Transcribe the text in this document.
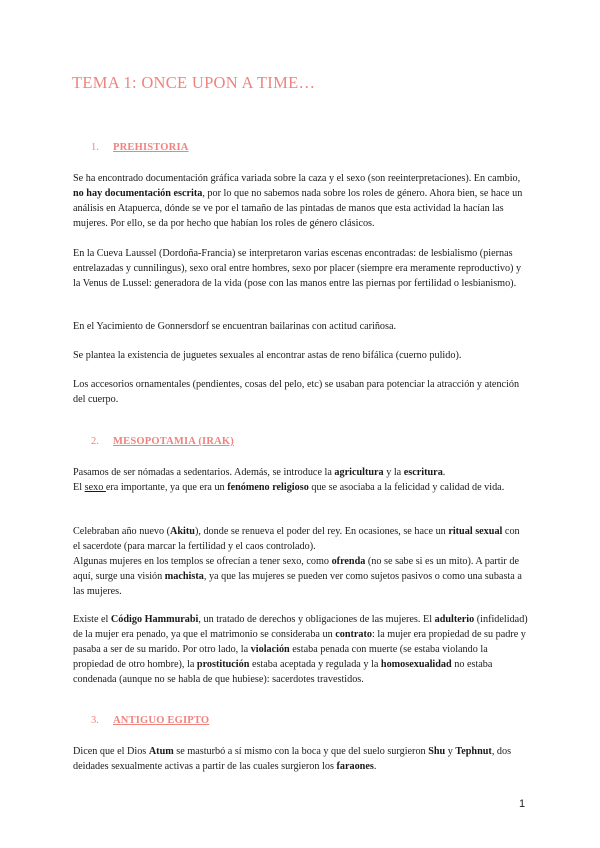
TEMA 1: ONCE UPON A TIME…
1. PREHISTORIA

Se ha encontrado documentación gráfica variada sobre la caza y el sexo (son reeinterpretaciones). En cambio, no hay documentación escrita, por lo que no sabemos nada sobre los roles de género. Ahora bien, se hace un análisis en Atapuerca, dónde se ve por el tamaño de las pintadas de manos que esta actividad la hacían las mujeres. Por ello, se da por hecho que habían los roles de género clásicos.

En la Cueva Laussel (Dordoña-Francia) se interpretaron varias escenas encontradas: de lesbialismo (piernas entrelazadas y cunnilingus), sexo oral entre hombres, sexo por placer (siempre era meramente reproductivo) y la Venus de Lussel: generadora de la vida (pose con las manos entre las piernas por fertilidad o lesbianismo).

En el Yacimiento de Gonnersdorf se encuentran bailarinas con actitud cariñosa.

Se plantea la existencia de juguetes sexuales al encontrar astas de reno bifálica (cuerno pulido).

Los accesorios ornamentales (pendientes, cosas del pelo, etc) se usaban para potenciar la atracción y atención del cuerpo.

2. MESOPOTAMIA (IRAK)

Pasamos de ser nómadas a sedentarios. Además, se introduce la agricultura y la escritura.
El sexo era importante, ya que era un fenómeno religioso que se asociaba a la felicidad y calidad de vida.

Celebraban año nuevo (Akitu), donde se renueva el poder del rey. En ocasiones, se hace un ritual sexual con el sacerdote (para marcar la fertilidad y el caos controlado).
Algunas mujeres en los templos se ofrecían a tener sexo, como ofrenda (no se sabe si es un mito). A partir de aquí, surge una visión machista, ya que las mujeres se pueden ver como sujetos pasivos o como una subasta a las mujeres.

Existe el Código Hammurabi, un tratado de derechos y obligaciones de las mujeres. El adulterio (infidelidad) de la mujer era penado, ya que el matrimonio se consideraba un contrato: la mujer era propiedad de su padre y pasaba a ser de su marido. Por otro lado, la violación estaba penada con muerte (se estaba violando la propiedad de otro hombre), la prostitución estaba aceptada y regulada y la homosexualidad no estaba condenada (aunque no se habla de que hubiese): sacerdotes travestidos.

3. ANTIGUO EGIPTO

Dicen que el Dios Atum se masturbó a sí mismo con la boca y que del suelo surgieron Shu y Tephnut, dos deidades sexualmente activas a partir de las cuales surgieron los faraones.

1
